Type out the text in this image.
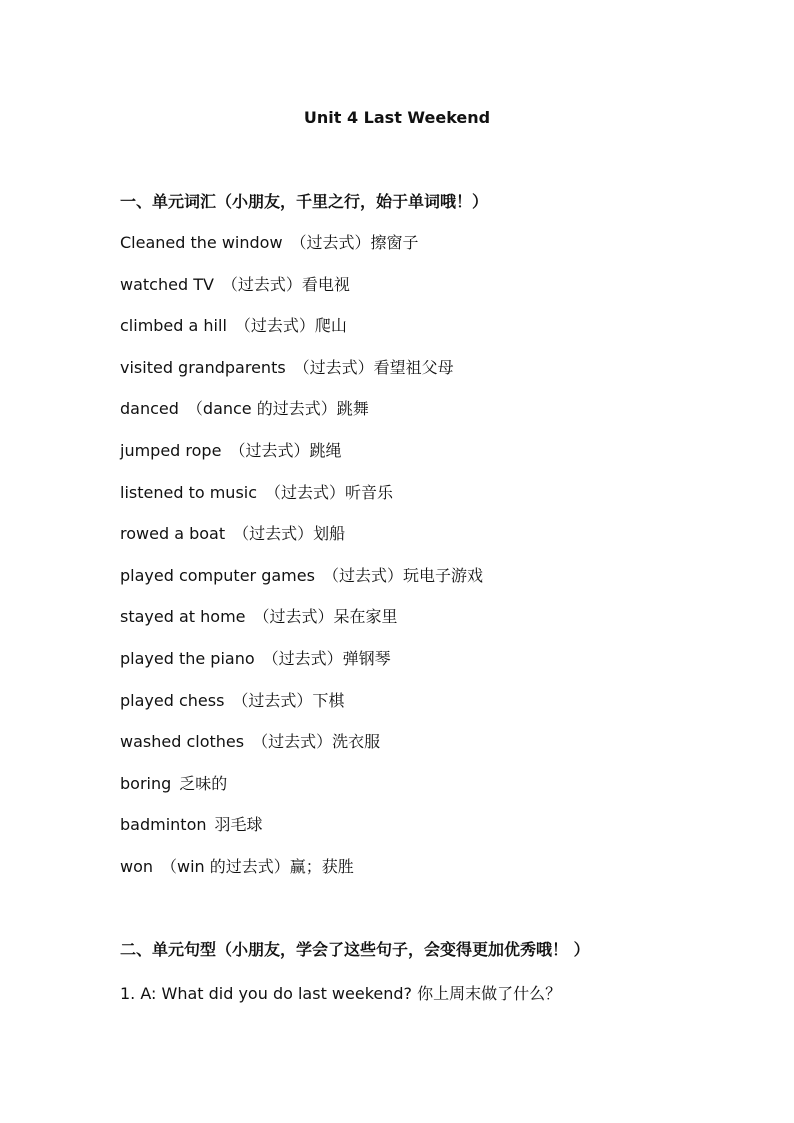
Unit 4 Last Weekend
一、单元词汇（小朋友，千里之行，始于单词哦！）
Cleaned the window （过去式）擦窗子
watched TV （过去式）看电视
climbed a hill （过去式）爬山
visited grandparents （过去式）看望祖父母
danced （dance 的过去式）跳舞
jumped rope （过去式）跳绳
listened to music （过去式）听音乐
rowed a boat （过去式）划船
played computer games （过去式）玩电子游戏
stayed at home （过去式）呆在家里
played the piano （过去式）弹钢琴
played chess （过去式）下棋
washed clothes （过去式）洗衣服
boring 乏味的
badminton 羽毛球
won （win 的过去式）赢；获胜
二、单元句型（小朋友，学会了这些句子，会变得更加优秀哦！ ）

1. A: What did you do last weekend? 你上周末做了什么？
